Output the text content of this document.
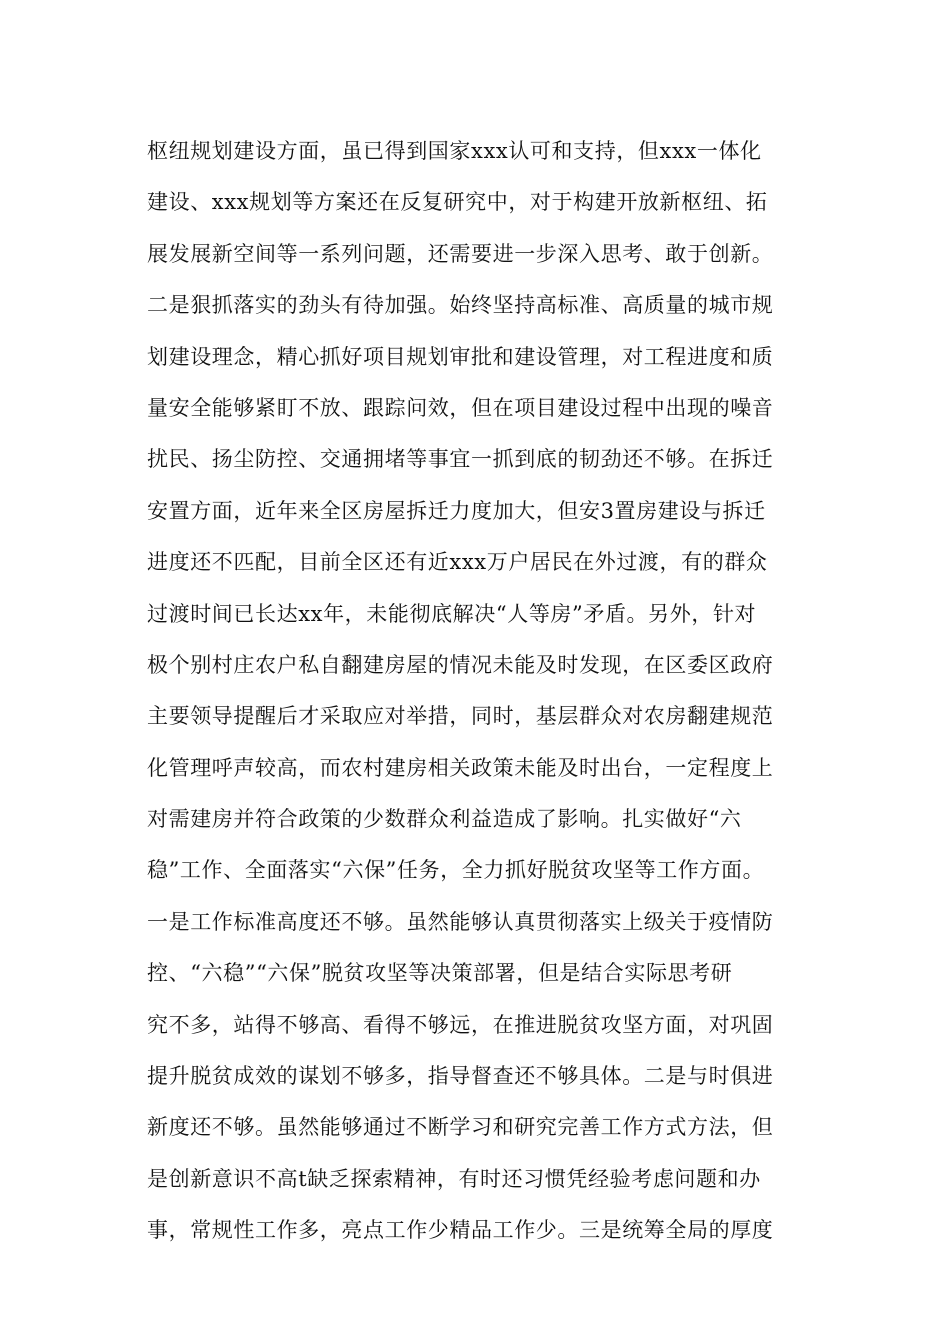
枢纽规划建设方面，虽已得到国家xxx认可和支持，但xxx一体化
建设、xxx规划等方案还在反复研究中，对于构建开放新枢纽、拓
展发展新空间等一系列问题，还需要进一步深入思考、敢于创新。
二是狠抓落实的劲头有待加强。始终坚持高标准、高质量的城市规
划建设理念，精心抓好项目规划审批和建设管理，对工程进度和质
量安全能够紧盯不放、跟踪问效，但在项目建设过程中出现的噪音
扰民、扬尘防控、交通拥堵等事宜一抓到底的韧劲还不够。在拆迁
安置方面，近年来全区房屋拆迁力度加大，但安3置房建设与拆迁
进度还不匹配，目前全区还有近xxx万户居民在外过渡，有的群众
过渡时间已长达xx年，未能彻底解决“人等房”矛盾。另外，针对
极个别村庄农户私自翻建房屋的情况未能及时发现，在区委区政府
主要领导提醒后才采取应对举措，同时，基层群众对农房翻建规范
化管理呼声较高，而农村建房相关政策未能及时出台，一定程度上
对需建房并符合政策的少数群众利益造成了影响。扎实做好“六
稳”工作、全面落实“六保”任务，全力抓好脱贫攻坚等工作方面。
一是工作标准高度还不够。虽然能够认真贯彻落实上级关于疫情防
控、“六稳”“六保”脱贫攻坚等决策部署，但是结合实际思考研
究不多，站得不够高、看得不够远，在推进脱贫攻坚方面，对巩固
提升脱贫成效的谋划不够多，指导督查还不够具体。二是与时俱进
新度还不够。虽然能够通过不断学习和研究完善工作方式方法，但
是创新意识不高t缺乏探索精神，有时还习惯凭经验考虑问题和办
事，常规性工作多，亮点工作少精品工作少。三是统筹全局的厚度
